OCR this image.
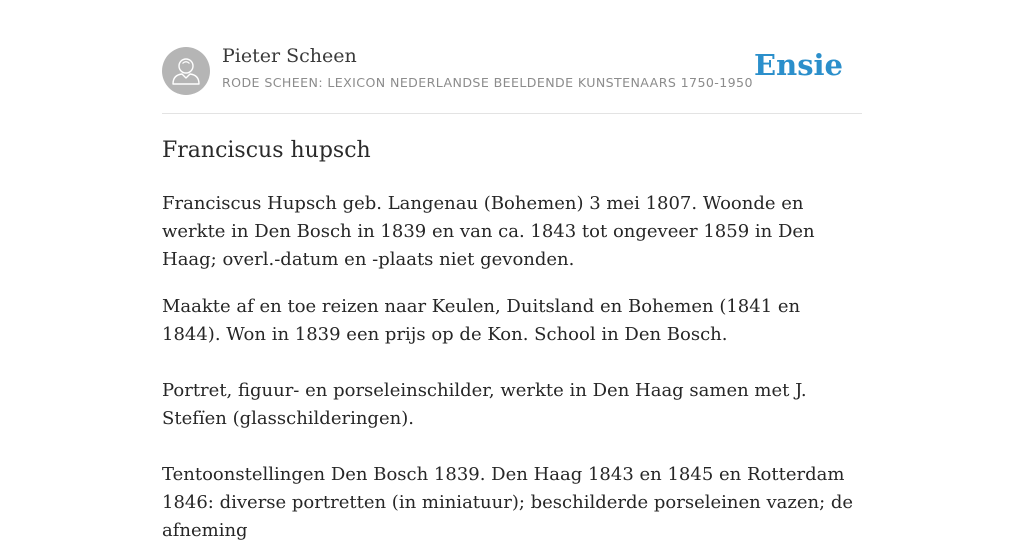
Pieter Scheen
RODE SCHEEN: LEXICON NEDERLANDSE BEELDENDE KUNSTENAARS 1750-1950
Ensie
Franciscus hupsch

Franciscus Hupsch geb. Langenau (Bohemen) 3 mei 1807. Woonde en werkte in Den Bosch in 1839 en van ca. 1843 tot ongeveer 1859 in Den Haag; overl.-datum en -plaats niet gevonden.

Maakte af en toe reizen naar Keulen, Duitsland en Bohemen (1841 en 1844). Won in 1839 een prijs op de Kon. School in Den Bosch.

Portret, figuur- en porseleinschilder, werkte in Den Haag samen met J. Stefïen (glasschilderingen).

Tentoonstellingen Den Bosch 1839. Den Haag 1843 en 1845 en Rotterdam 1846: diverse portretten (in miniatuur); beschilderde porseleinen vazen; de afneming
